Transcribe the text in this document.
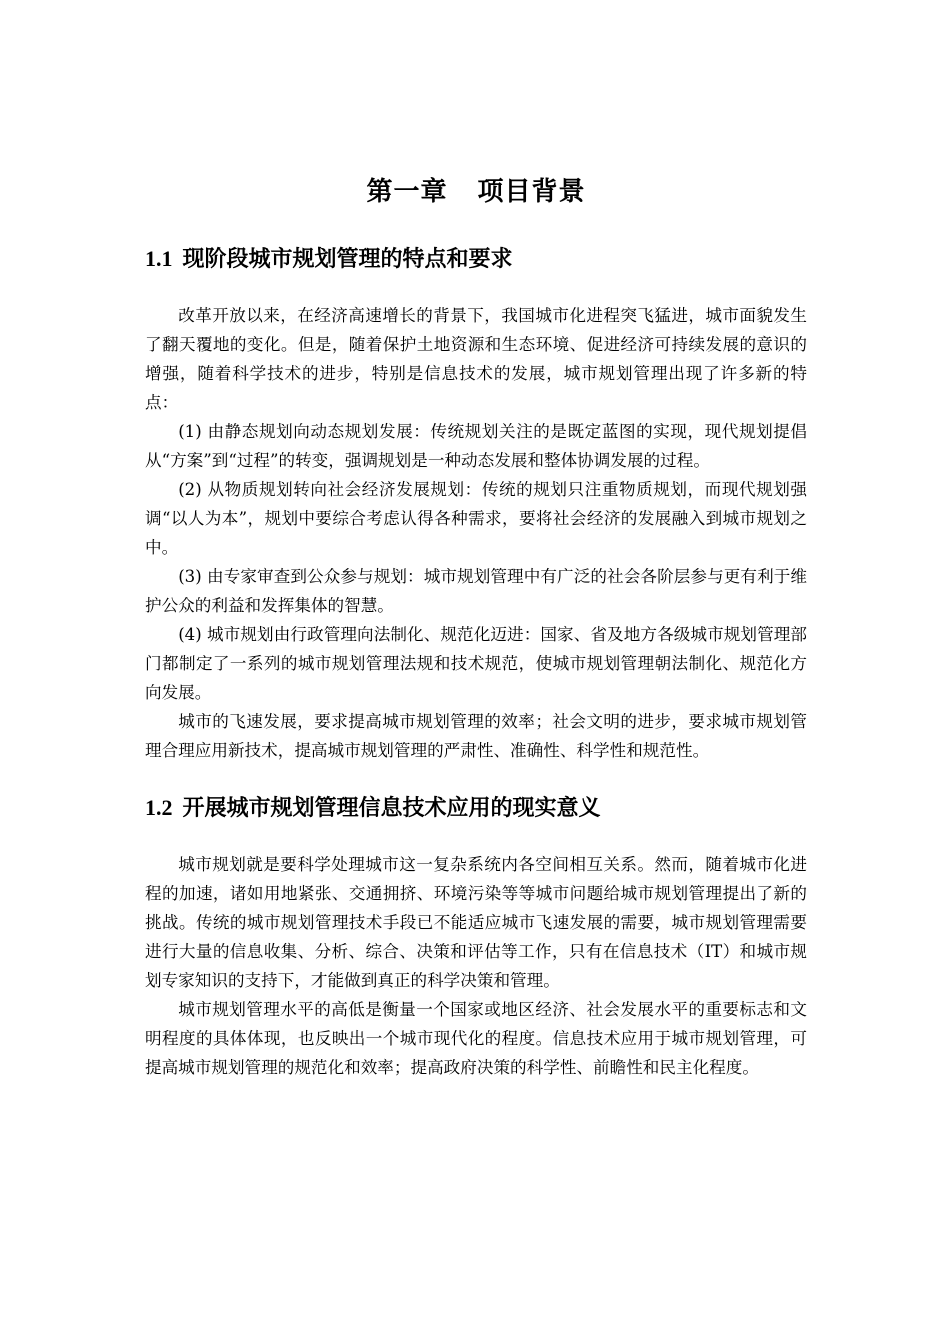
第一章 项目背景
1.1 现阶段城市规划管理的特点和要求

改革开放以来，在经济高速增长的背景下，我国城市化进程突飞猛进，城市面貌发生了翻天覆地的变化。但是，随着保护土地资源和生态环境、促进经济可持续发展的意识的增强，随着科学技术的进步，特别是信息技术的发展，城市规划管理出现了许多新的特点：

(1) 由静态规划向动态规划发展：传统规划关注的是既定蓝图的实现，现代规划提倡从“方案”到“过程”的转变，强调规划是一种动态发展和整体协调发展的过程。

(2) 从物质规划转向社会经济发展规划：传统的规划只注重物质规划，而现代规划强调“以人为本”，规划中要综合考虑认得各种需求，要将社会经济的发展融入到城市规划之中。

(3) 由专家审查到公众参与规划：城市规划管理中有广泛的社会各阶层参与更有利于维护公众的利益和发挥集体的智慧。

(4) 城市规划由行政管理向法制化、规范化迈进：国家、省及地方各级城市规划管理部门都制定了一系列的城市规划管理法规和技术规范，使城市规划管理朝法制化、规范化方向发展。

城市的飞速发展，要求提高城市规划管理的效率；社会文明的进步，要求城市规划管理合理应用新技术，提高城市规划管理的严肃性、准确性、科学性和规范性。

1.2 开展城市规划管理信息技术应用的现实意义

城市规划就是要科学处理城市这一复杂系统内各空间相互关系。然而，随着城市化进程的加速，诸如用地紧张、交通拥挤、环境污染等等城市问题给城市规划管理提出了新的挑战。传统的城市规划管理技术手段已不能适应城市飞速发展的需要，城市规划管理需要进行大量的信息收集、分析、综合、决策和评估等工作，只有在信息技术（IT）和城市规划专家知识的支持下，才能做到真正的科学决策和管理。

城市规划管理水平的高低是衡量一个国家或地区经济、社会发展水平的重要标志和文明程度的具体体现，也反映出一个城市现代化的程度。信息技术应用于城市规划管理，可提高城市规划管理的规范化和效率；提高政府决策的科学性、前瞻性和民主化程度。
